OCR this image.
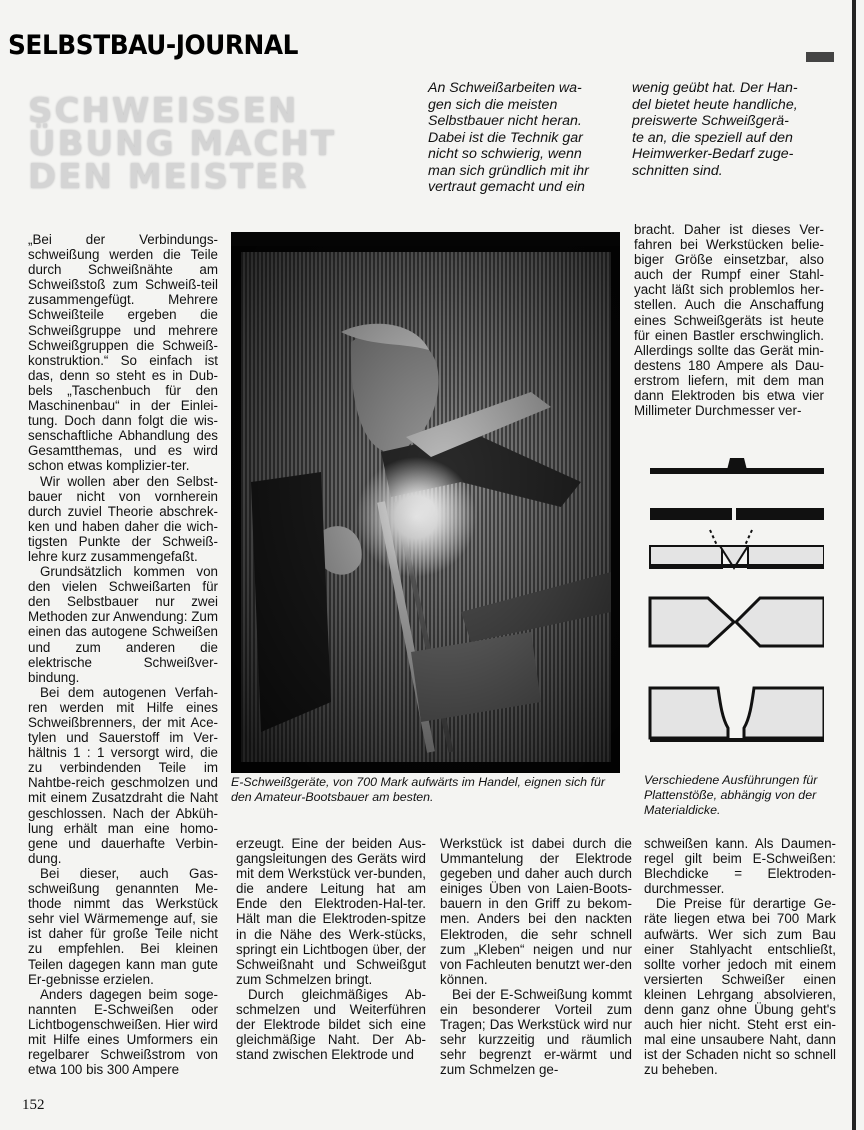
SELBSTBAU-JOURNAL
SCHWEISSEN
ÜBUNG MACHT
DEN MEISTER
An Schweißarbeiten wa-
gen sich die meisten
Selbstbauer nicht heran.
Dabei ist die Technik gar
nicht so schwierig, wenn
man sich gründlich mit ihr
vertraut gemacht und ein
wenig geübt hat. Der Han-
del bietet heute handliche,
preiswerte Schweißgerä-
te an, die speziell auf den
Heimwerker-Bedarf zuge-
schnitten sind.

„Bei der Verbindungs-schweißung werden die Teile durch Schweißnähte am Schweißstoß zum Schweiß-teil zusammengefügt. Mehrere Schweißteile ergeben die Schweißgruppe und mehrere Schweißgruppen die Schweiß-konstruktion.“ So einfach ist das, denn so steht es in Dub-bels „Taschenbuch für den Maschinenbau“ in der Einlei-tung. Doch dann folgt die wis-senschaftliche Abhandlung des Gesamtthemas, und es wird schon etwas komplizier-ter.

Wir wollen aber den Selbst-bauer nicht von vornherein durch zuviel Theorie abschrek-ken und haben daher die wich-tigsten Punkte der Schweiß-lehre kurz zusammengefaßt.

Grundsätzlich kommen von den vielen Schweißarten für den Selbstbauer nur zwei Methoden zur Anwendung: Zum einen das autogene Schweißen und zum anderen die elektrische Schweißver-bindung.

Bei dem autogenen Verfah-ren werden mit Hilfe eines Schweißbrenners, der mit Ace-tylen und Sauerstoff im Ver-hältnis 1 : 1 versorgt wird, die zu verbindenden Teile im Nahtbe-reich geschmolzen und mit einem Zusatzdraht die Naht geschlossen. Nach der Abküh-lung erhält man eine homo-gene und dauerhafte Verbin-dung.

Bei dieser, auch Gas-schweißung genannten Me-thode nimmt das Werkstück sehr viel Wärmemenge auf, sie ist daher für große Teile nicht zu empfehlen. Bei kleinen Teilen dagegen kann man gute Er-gebnisse erzielen.

Anders dagegen beim soge-nannten E-Schweißen oder Lichtbogenschweißen. Hier wird mit Hilfe eines Umformers ein regelbarer Schweißstrom von etwa 100 bis 300 Ampere

E-Schweißgeräte, von 700 Mark aufwärts im Handel, eignen sich für den Amateur-Bootsbauer am besten.

bracht. Daher ist dieses Ver-fahren bei Werkstücken belie-biger Größe einsetzbar, also auch der Rumpf einer Stahl-yacht läßt sich problemlos her-stellen. Auch die Anschaffung eines Schweißgeräts ist heute für einen Bastler erschwinglich. Allerdings sollte das Gerät min-destens 180 Ampere als Dau-erstrom liefern, mit dem man dann Elektroden bis etwa vier Millimeter Durchmesser ver-

Verschiedene Ausführungen für Plattenstöße, abhängig von der Materialdicke.

erzeugt. Eine der beiden Aus-gangsleitungen des Geräts wird mit dem Werkstück ver-bunden, die andere Leitung hat am Ende den Elektroden-Hal-ter. Hält man die Elektroden-spitze in die Nähe des Werk-stücks, springt ein Lichtbogen über, der Schweißnaht und Schweißgut zum Schmelzen bringt.

Durch gleichmäßiges Ab-schmelzen und Weiterführen der Elektrode bildet sich eine gleichmäßige Naht. Der Ab-stand zwischen Elektrode und

Werkstück ist dabei durch die Ummantelung der Elektrode gegeben und daher auch durch einiges Üben von Laien-Boots-bauern in den Griff zu bekom-men. Anders bei den nackten Elektroden, die sehr schnell zum „Kleben“ neigen und nur von Fachleuten benutzt wer-den können.

Bei der E-Schweißung kommt ein besonderer Vorteil zum Tragen; Das Werkstück wird nur sehr kurzzeitig und räumlich sehr begrenzt er-wärmt und zum Schmelzen ge-

schweißen kann. Als Daumen-regel gilt beim E-Schweißen: Blechdicke = Elektroden-durchmesser.

Die Preise für derartige Ge-räte liegen etwa bei 700 Mark aufwärts. Wer sich zum Bau einer Stahlyacht entschließt, sollte vorher jedoch mit einem versierten Schweißer einen kleinen Lehrgang absolvieren, denn ganz ohne Übung geht's auch hier nicht. Steht erst ein-mal eine unsaubere Naht, dann ist der Schaden nicht so schnell zu beheben.

152
